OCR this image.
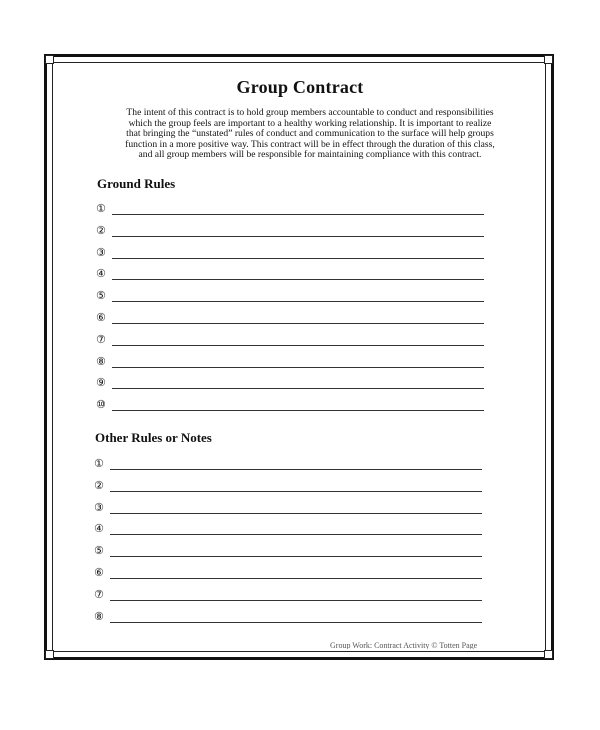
Group Contract
The intent of this contract is to hold group members accountable to conduct and responsibilities
which the group feels are important to a healthy working relationship. It is important to realize
that bringing the “unstated” rules of conduct and communication to the surface will help groups
function in a more positive way. This contract will be in effect through the duration of this class,
and all group members will be responsible for maintaining compliance with this contract.
Ground Rules
①
②
③
④
⑤
⑥
⑦
⑧
⑨
⑩
Other Rules or Notes
①
②
③
④
⑤
⑥
⑦
⑧
Group Work: Contract Activity © Totten Page
